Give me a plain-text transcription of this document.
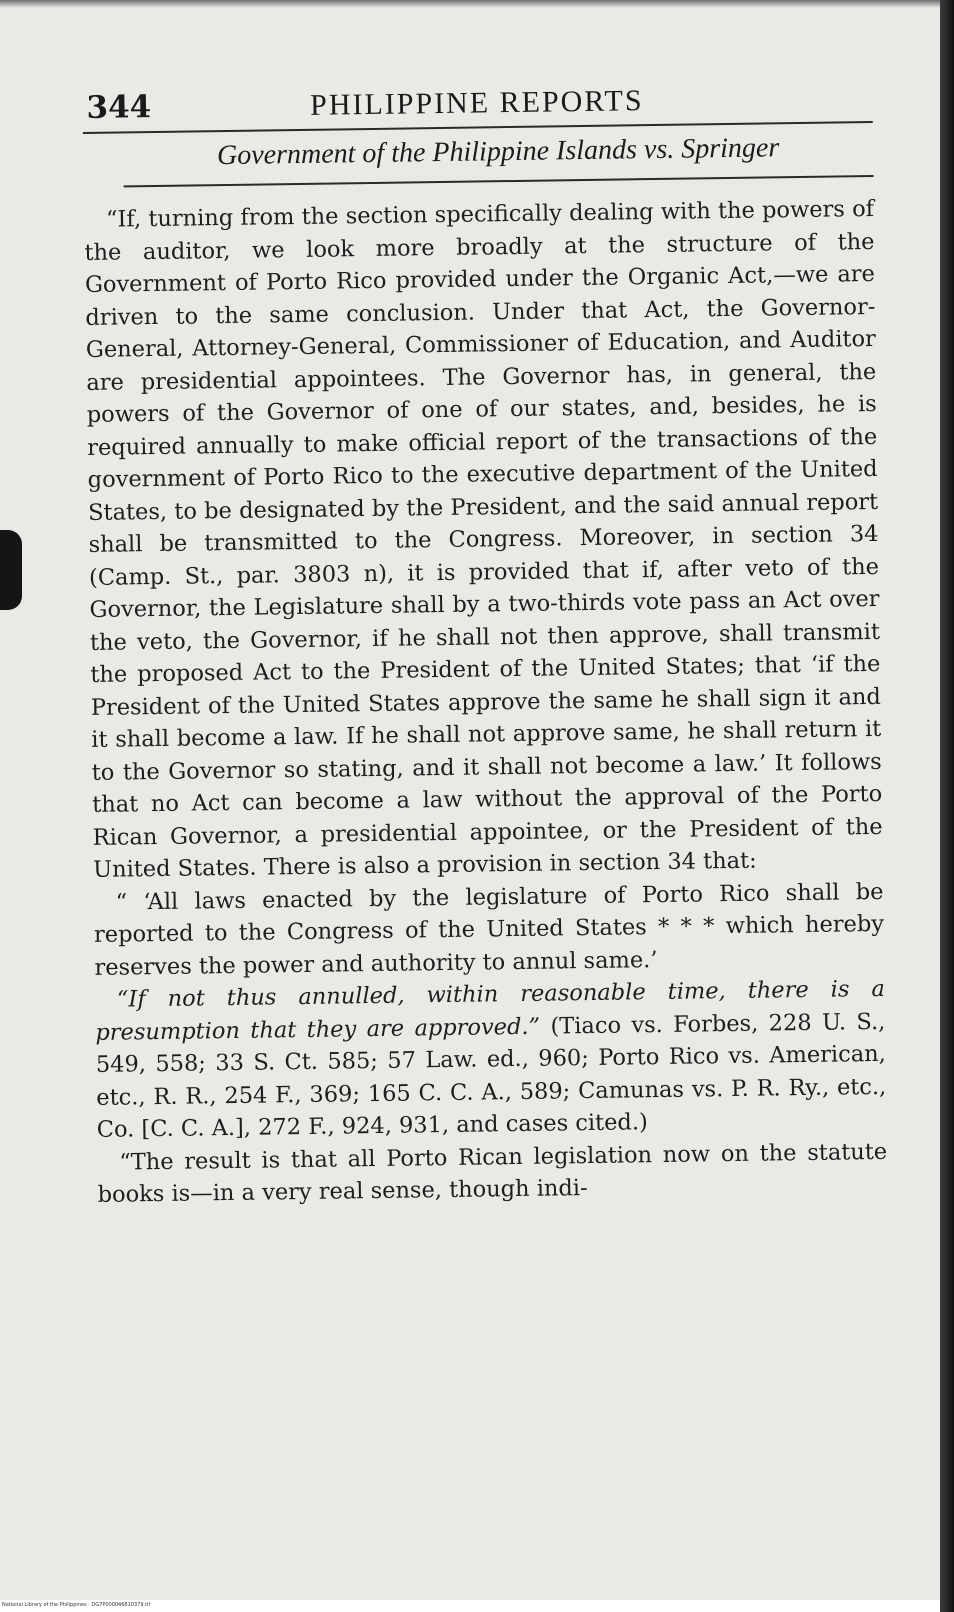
344	PHILIPPINE REPORTS
Government of the Philippine Islands vs. Springer

“If, turning from the section specifically dealing with the powers of the auditor, we look more broadly at the structure of the Government of Porto Rico provided under the Organic Act,—we are driven to the same conclusion. Under that Act, the Governor-General, Attorney-General, Commissioner of Education, and Auditor are presidential appointees. The Governor has, in general, the powers of the Governor of one of our states, and, besides, he is required annually to make official report of the transactions of the government of Porto Rico to the executive department of the United States, to be designated by the President, and the said annual report shall be transmitted to the Congress. Moreover, in section 34 (Camp. St., par. 3803 n), it is provided that if, after veto of the Governor, the Legislature shall by a two-thirds vote pass an Act over the veto, the Governor, if he shall not then approve, shall transmit the proposed Act to the President of the United States; that ‘if the President of the United States approve the same he shall sign it and it shall become a law. If he shall not approve same, he shall return it to the Governor so stating, and it shall not become a law.’ It follows that no Act can become a law without the approval of the Porto Rican Governor, a presidential appointee, or the President of the United States. There is also a provision in section 34 that:

“ ‘All laws enacted by the legislature of Porto Rico shall be reported to the Congress of the United States * * * which hereby reserves the power and authority to annul same.’

“If not thus annulled, within reasonable time, there is a presumption that they are approved.” (Tiaco vs. Forbes, 228 U. S., 549, 558; 33 S. Ct. 585; 57 Law. ed., 960; Porto Rico vs. American, etc., R. R., 254 F., 369; 165 C. C. A., 589; Camunas vs. P. R. Ry., etc., Co. [C. C. A.], 272 F., 924, 931, and cases cited.)

“The result is that all Porto Rican legislation now on the statute books is—in a very real sense, though indi-

National Library of the Philippines · DG7P000046810379.tif
